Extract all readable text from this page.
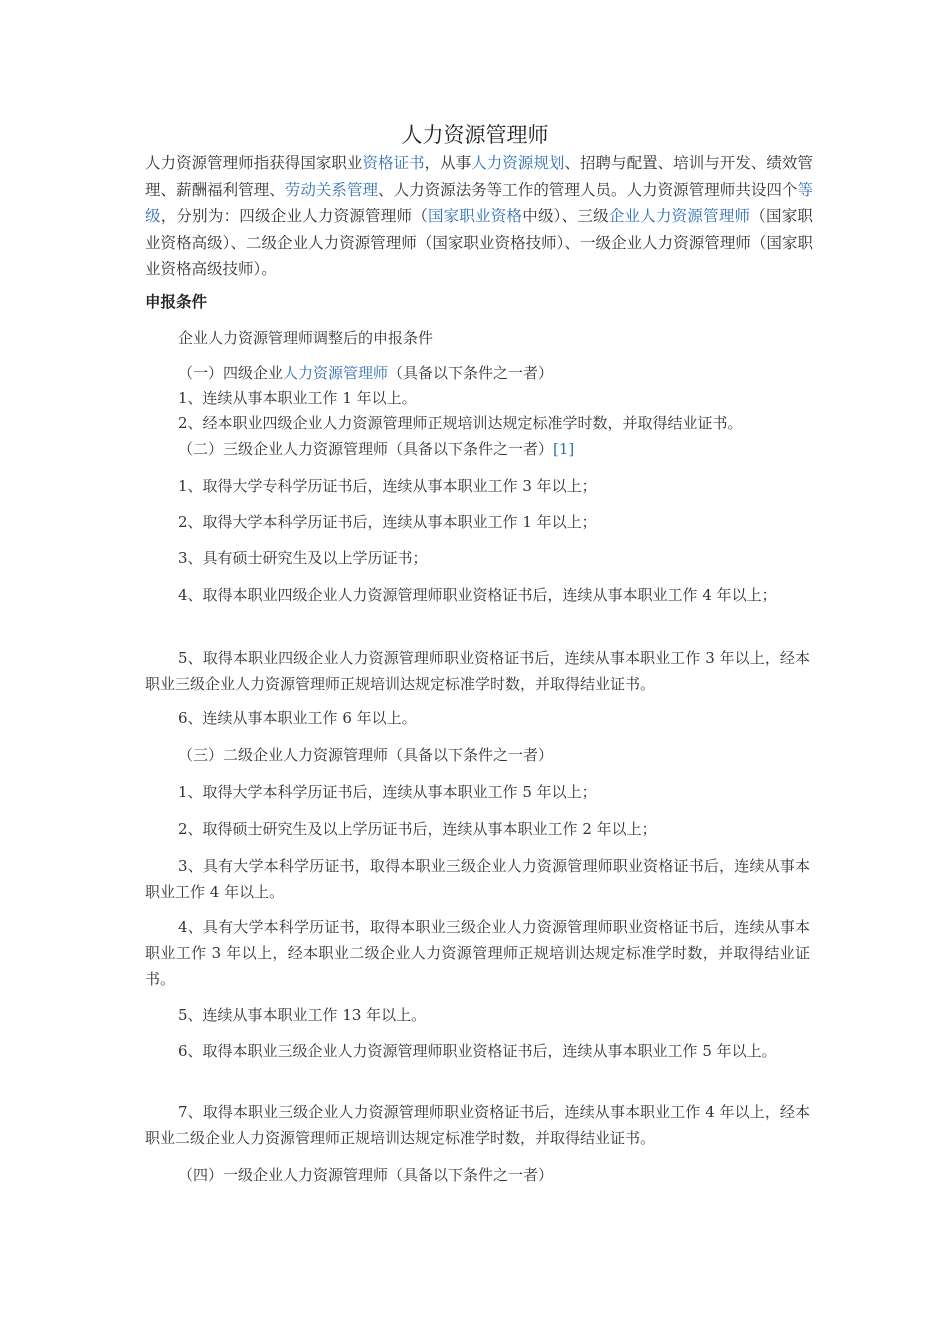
人力资源管理师
人力资源管理师指获得国家职业资格证书，从事人力资源规划、招聘与配置、培训与开发、绩效管理、薪酬福利管理、劳动关系管理、人力资源法务等工作的管理人员。人力资源管理师共设四个等级，分别为：四级企业人力资源管理师（国家职业资格中级）、三级企业人力资源管理师（国家职业资格高级）、二级企业人力资源管理师（国家职业资格技师）、一级企业人力资源管理师（国家职业资格高级技师）。
申报条件
企业人力资源管理师调整后的申报条件
（一）四级企业人力资源管理师（具备以下条件之一者）
1、连续从事本职业工作 1 年以上。
2、经本职业四级企业人力资源管理师正规培训达规定标准学时数，并取得结业证书。
（二）三级企业人力资源管理师（具备以下条件之一者）[1]
1、取得大学专科学历证书后，连续从事本职业工作 3 年以上；
2、取得大学本科学历证书后，连续从事本职业工作 1 年以上；
3、具有硕士研究生及以上学历证书；
4、取得本职业四级企业人力资源管理师职业资格证书后，连续从事本职业工作 4 年以上；
5、取得本职业四级企业人力资源管理师职业资格证书后，连续从事本职业工作 3 年以上，经本职业三级企业人力资源管理师正规培训达规定标准学时数，并取得结业证书。
6、连续从事本职业工作 6 年以上。
（三）二级企业人力资源管理师（具备以下条件之一者）
1、取得大学本科学历证书后，连续从事本职业工作 5 年以上；
2、取得硕士研究生及以上学历证书后，连续从事本职业工作 2 年以上；
3、具有大学本科学历证书，取得本职业三级企业人力资源管理师职业资格证书后，连续从事本职业工作 4 年以上。
4、具有大学本科学历证书，取得本职业三级企业人力资源管理师职业资格证书后，连续从事本职业工作 3 年以上，经本职业二级企业人力资源管理师正规培训达规定标准学时数，并取得结业证书。
5、连续从事本职业工作 13 年以上。
6、取得本职业三级企业人力资源管理师职业资格证书后，连续从事本职业工作 5 年以上。
7、取得本职业三级企业人力资源管理师职业资格证书后，连续从事本职业工作 4 年以上，经本职业二级企业人力资源管理师正规培训达规定标准学时数，并取得结业证书。
（四）一级企业人力资源管理师（具备以下条件之一者）
